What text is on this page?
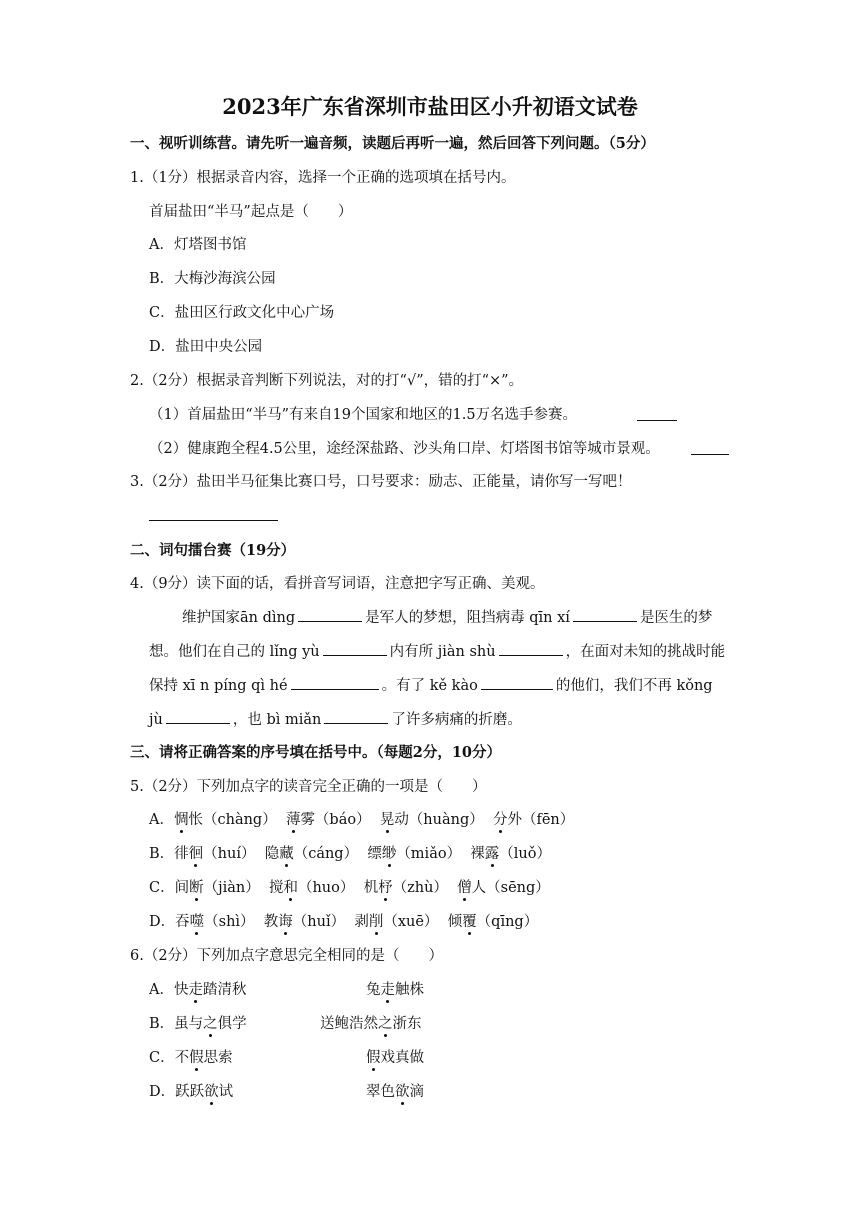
2023年广东省深圳市盐田区小升初语文试卷
一、视听训练营。请先听一遍音频，读题后再听一遍，然后回答下列问题。（5分）
1.（1分）根据录音内容，选择一个正确的选项填在括号内。
首届盐田“半马”起点是（　　）
A．灯塔图书馆
B．大梅沙海滨公园
C．盐田区行政文化中心广场
D．盐田中央公园
2.（2分）根据录音判断下列说法，对的打“√”，错的打“×”。
（1）首届盐田“半马”有来自19个国家和地区的1.5万名选手参赛。
（2）健康跑全程4.5公里，途经深盐路、沙头角口岸、灯塔图书馆等城市景观。
3.（2分）盐田半马征集比赛口号，口号要求：励志、正能量，请你写一写吧！
二、词句擂台赛（19分）
4.（9分）读下面的话，看拼音写词语，注意把字写正确、美观。
维护国家ān dìng	是军人的梦想，阻挡病毒 qīn xí	是医生的梦
想。他们在自己的 lǐng yù	内有所 jiàn shù	，在面对未知的挑战时能
保持 xī n píng qì hé	。有了 kě kào	的他们，我们不再 kǒng
jù	，也 bì miǎn	了许多病痛的折磨。
三、请将正确答案的序号填在括号中。（每题2分，10分）
5.（2分）下列加点字的读音完全正确的一项是（　　）
A．惆怅（chàng） 薄雾（báo） 晃动（huàng） 分外（fēn）
B．徘徊（huí） 隐藏（cáng） 缥缈（miǎo） 裸露（luǒ）
C．间断（jiàn） 搅和（huo） 机杼（zhù） 僧人（sēng）
D．吞噬（shì） 教诲（huǐ） 剥削（xuē） 倾覆（qīng）
6.（2分）下列加点字意思完全相同的是（　　）
A．快走踏清秋	兔走触株
B．虽与之俱学	送鲍浩然之浙东
C．不假思索	假戏真做
D．跃跃欲试	翠色欲滴
